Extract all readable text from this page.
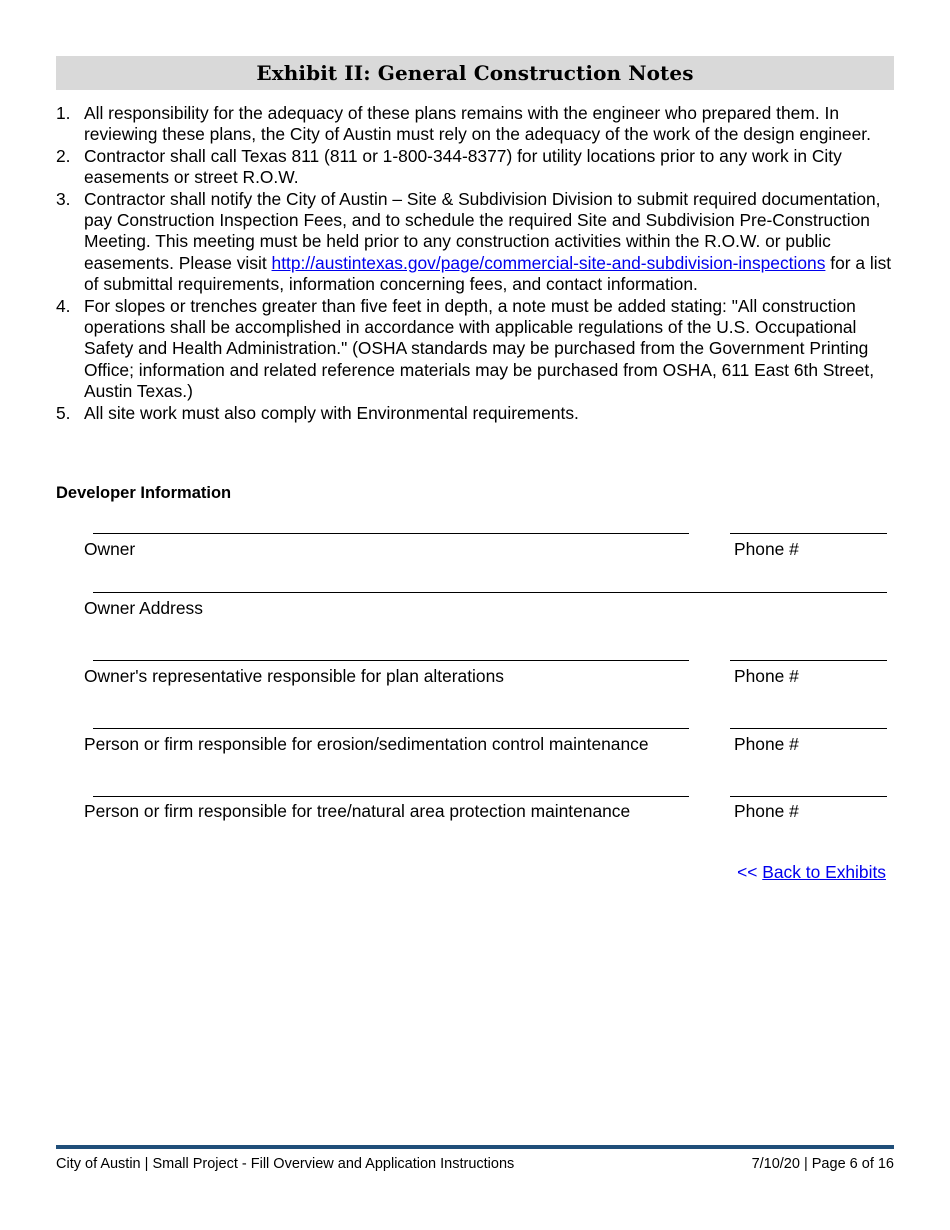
Exhibit II: General Construction Notes
1. All responsibility for the adequacy of these plans remains with the engineer who prepared them. In reviewing these plans, the City of Austin must rely on the adequacy of the work of the design engineer.
2. Contractor shall call Texas 811 (811 or 1-800-344-8377) for utility locations prior to any work in City easements or street R.O.W.
3. Contractor shall notify the City of Austin – Site & Subdivision Division to submit required documentation, pay Construction Inspection Fees, and to schedule the required Site and Subdivision Pre-Construction Meeting. This meeting must be held prior to any construction activities within the R.O.W. or public easements. Please visit http://austintexas.gov/page/commercial-site-and-subdivision-inspections for a list of submittal requirements, information concerning fees, and contact information.
4. For slopes or trenches greater than five feet in depth, a note must be added stating: "All construction operations shall be accomplished in accordance with applicable regulations of the U.S. Occupational Safety and Health Administration." (OSHA standards may be purchased from the Government Printing Office; information and related reference materials may be purchased from OSHA, 611 East 6th Street, Austin Texas.)
5. All site work must also comply with Environmental requirements.
Developer Information
Owner	Phone #
Owner Address
Owner's representative responsible for plan alterations	Phone #
Person or firm responsible for erosion/sedimentation control maintenance	Phone #
Person or firm responsible for tree/natural area protection maintenance	Phone #
<< Back to Exhibits
City of Austin | Small Project - Fill Overview and Application Instructions	7/10/20 | Page 6 of 16
